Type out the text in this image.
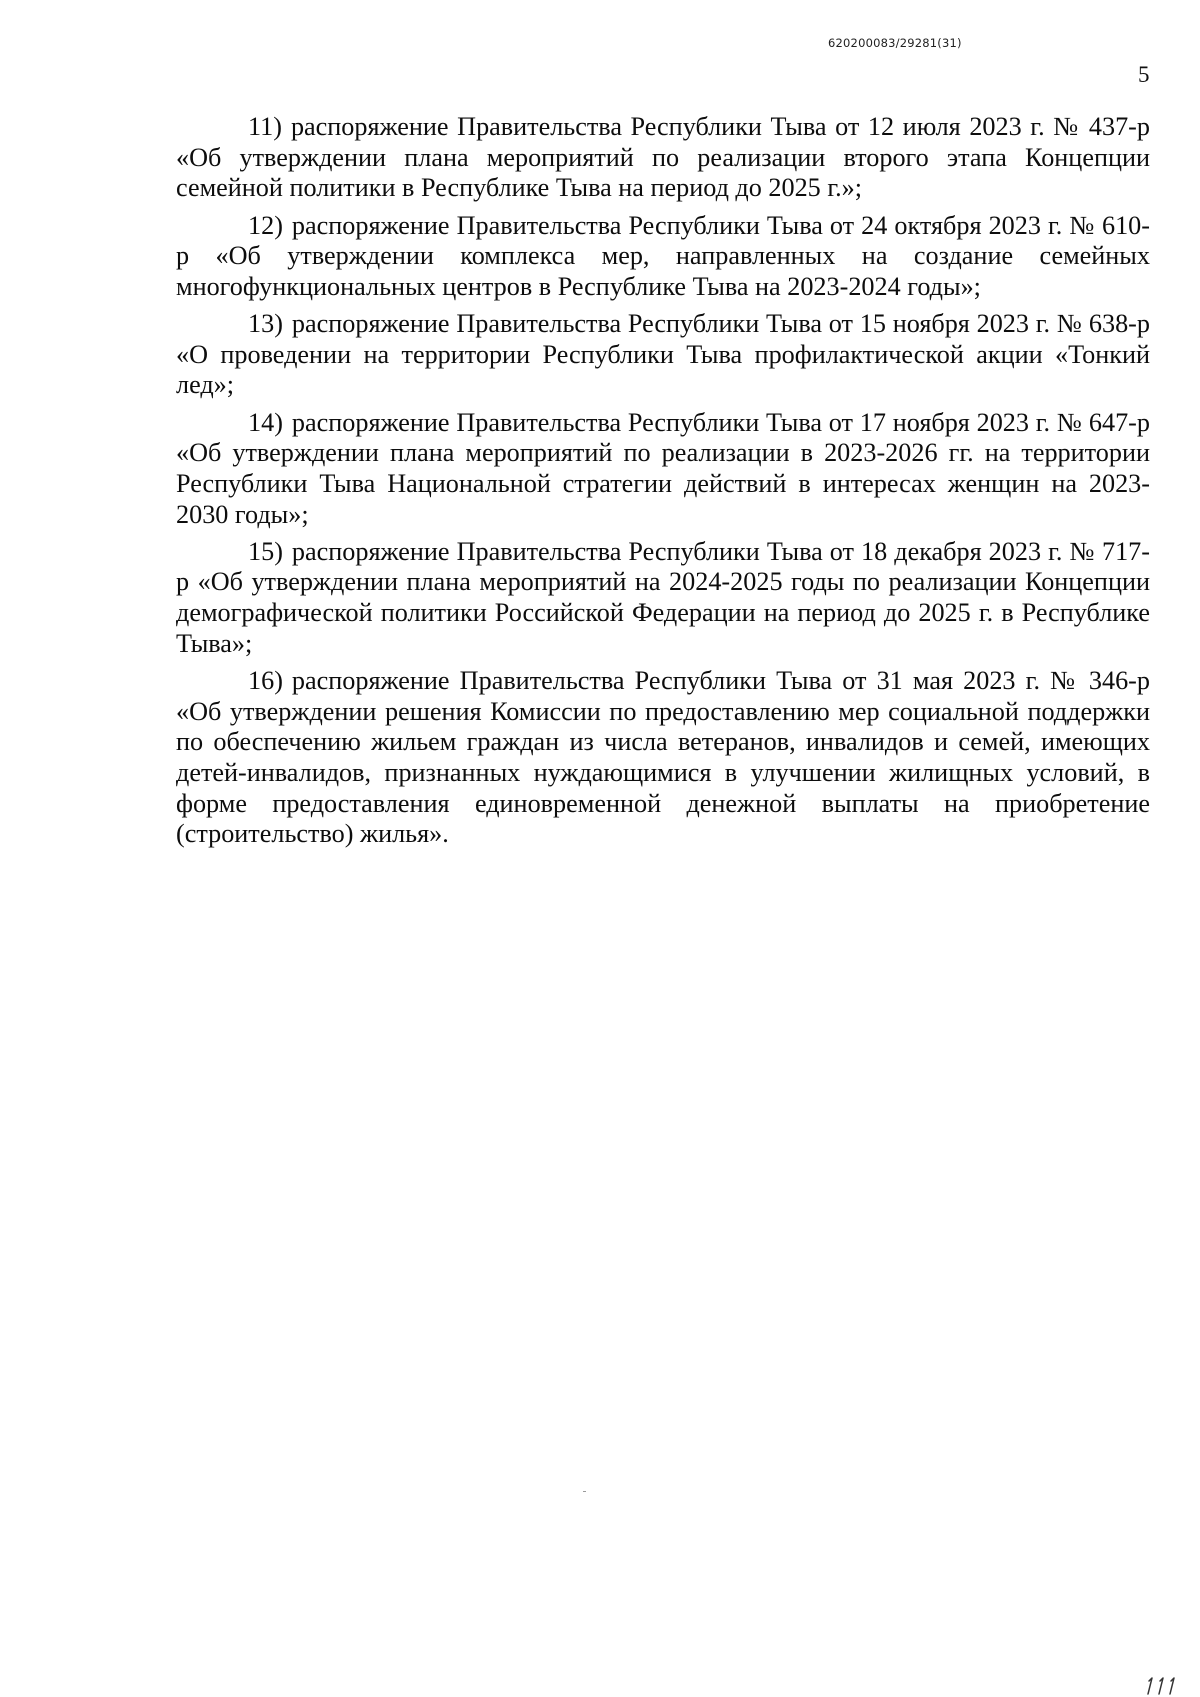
620200083/29281(31)
5

11) распоряжение Правительства Республики Тыва от 12 июля 2023 г. № 437-р «Об утверждении плана мероприятий по реализации второго этапа Концепции семейной политики в Республике Тыва на период до 2025 г.»;

12) распоряжение Правительства Республики Тыва от 24 октября 2023 г. № 610-р «Об утверждении комплекса мер, направленных на создание семейных многофункциональных центров в Республике Тыва на 2023-2024 годы»;

13) распоряжение Правительства Республики Тыва от 15 ноября 2023 г. № 638-р «О проведении на территории Республики Тыва профилактической акции «Тонкий лед»;

14) распоряжение Правительства Республики Тыва от 17 ноября 2023 г. № 647-р «Об утверждении плана мероприятий по реализации в 2023-2026 гг. на территории Республики Тыва Национальной стратегии действий в интересах женщин на 2023-2030 годы»;

15) распоряжение Правительства Республики Тыва от 18 декабря 2023 г. № 717-р «Об утверждении плана мероприятий на 2024-2025 годы по реализации Концепции демографической политики Российской Федерации на период до 2025 г. в Республике Тыва»;

16) распоряжение Правительства Республики Тыва от 31 мая 2023 г. № 346-р «Об утверждении решения Комиссии по предоставлению мер социальной поддержки по обеспечению жильем граждан из числа ветеранов, инвалидов и семей, имеющих детей-инвалидов, признанных нуждающимися в улучшении жилищных условий, в форме предоставления единовременной денежной выплаты на приобретение (строительство) жилья».
